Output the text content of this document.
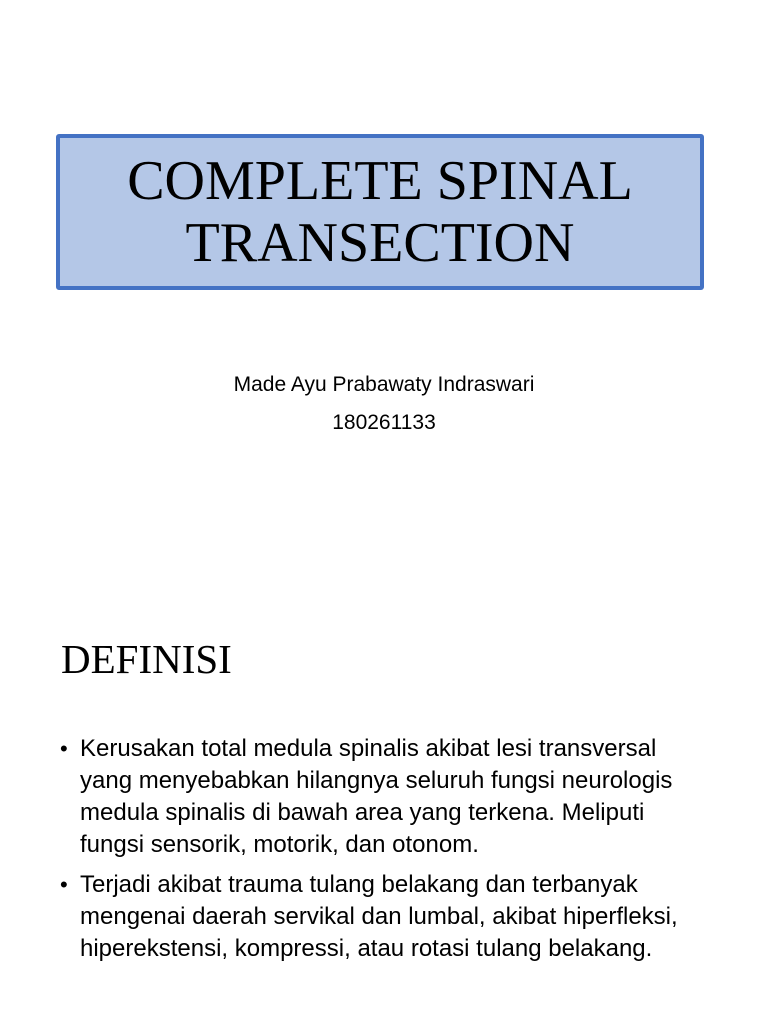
COMPLETE SPINAL
TRANSECTION
Made Ayu Prabawaty Indraswari
180261133
DEFINISI
• Kerusakan total medula spinalis akibat lesi transversal yang menyebabkan hilangnya seluruh fungsi neurologis medula spinalis di bawah area yang terkena. Meliputi fungsi sensorik, motorik, dan otonom.
• Terjadi akibat trauma tulang belakang dan terbanyak mengenai daerah servikal dan lumbal, akibat hiperfleksi, hiperekstensi, kompressi, atau rotasi tulang belakang.
